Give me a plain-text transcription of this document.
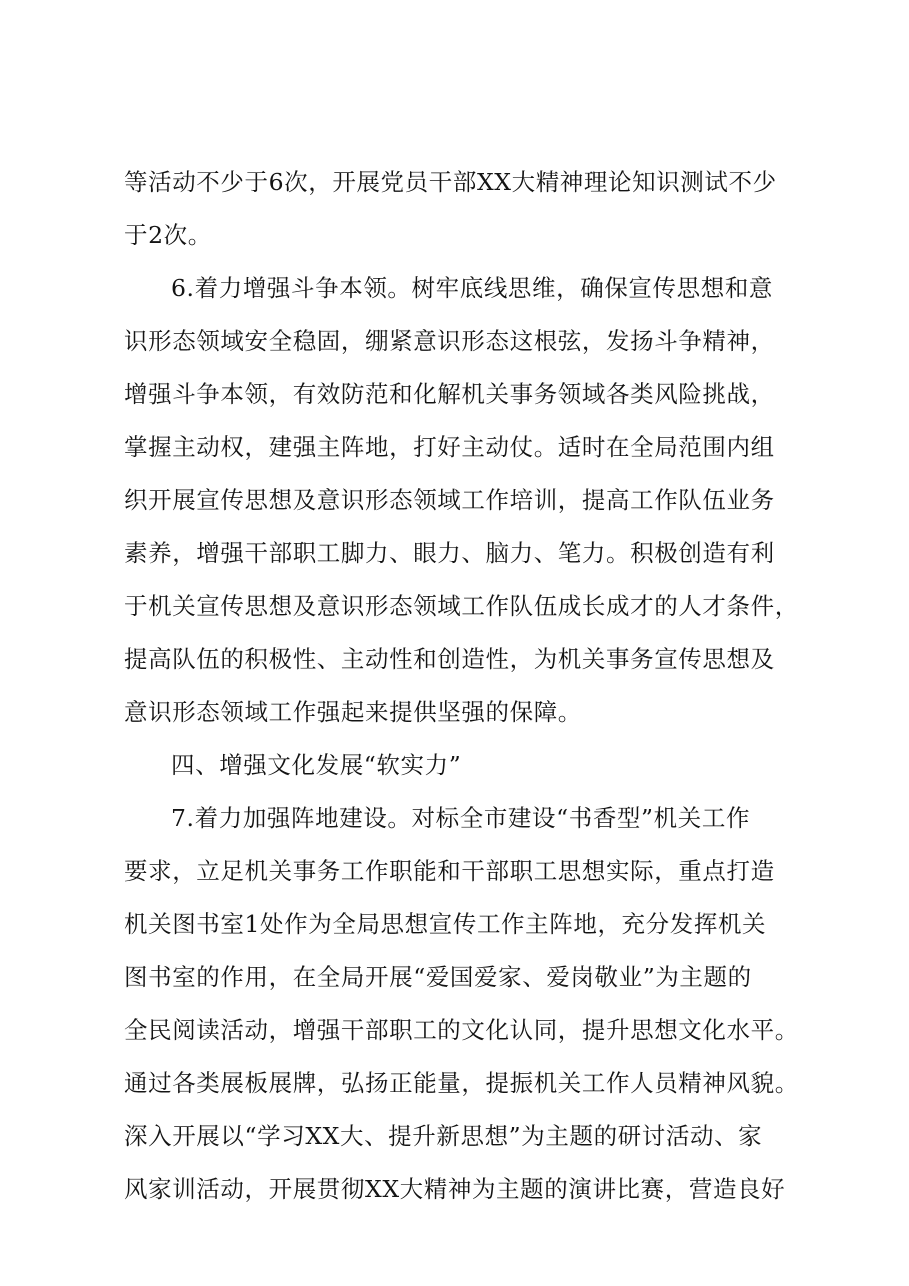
等活动不少于6次，开展党员干部XX大精神理论知识测试不少
于2次。
6.着力增强斗争本领。树牢底线思维，确保宣传思想和意
识形态领域安全稳固，绷紧意识形态这根弦，发扬斗争精神，
增强斗争本领，有效防范和化解机关事务领域各类风险挑战，
掌握主动权，建强主阵地，打好主动仗。适时在全局范围内组
织开展宣传思想及意识形态领域工作培训，提高工作队伍业务
素养，增强干部职工脚力、眼力、脑力、笔力。积极创造有利
于机关宣传思想及意识形态领域工作队伍成长成才的人才条件，
提高队伍的积极性、主动性和创造性，为机关事务宣传思想及
意识形态领域工作强起来提供坚强的保障。
四、增强文化发展“软实力”
7.着力加强阵地建设。对标全市建设“书香型”机关工作
要求，立足机关事务工作职能和干部职工思想实际，重点打造
机关图书室1处作为全局思想宣传工作主阵地，充分发挥机关
图书室的作用，在全局开展“爱国爱家、爱岗敬业”为主题的
全民阅读活动，增强干部职工的文化认同，提升思想文化水平。
通过各类展板展牌，弘扬正能量，提振机关工作人员精神风貌。
深入开展以“学习XX大、提升新思想”为主题的研讨活动、家
风家训活动，开展贯彻XX大精神为主题的演讲比赛，营造良好
